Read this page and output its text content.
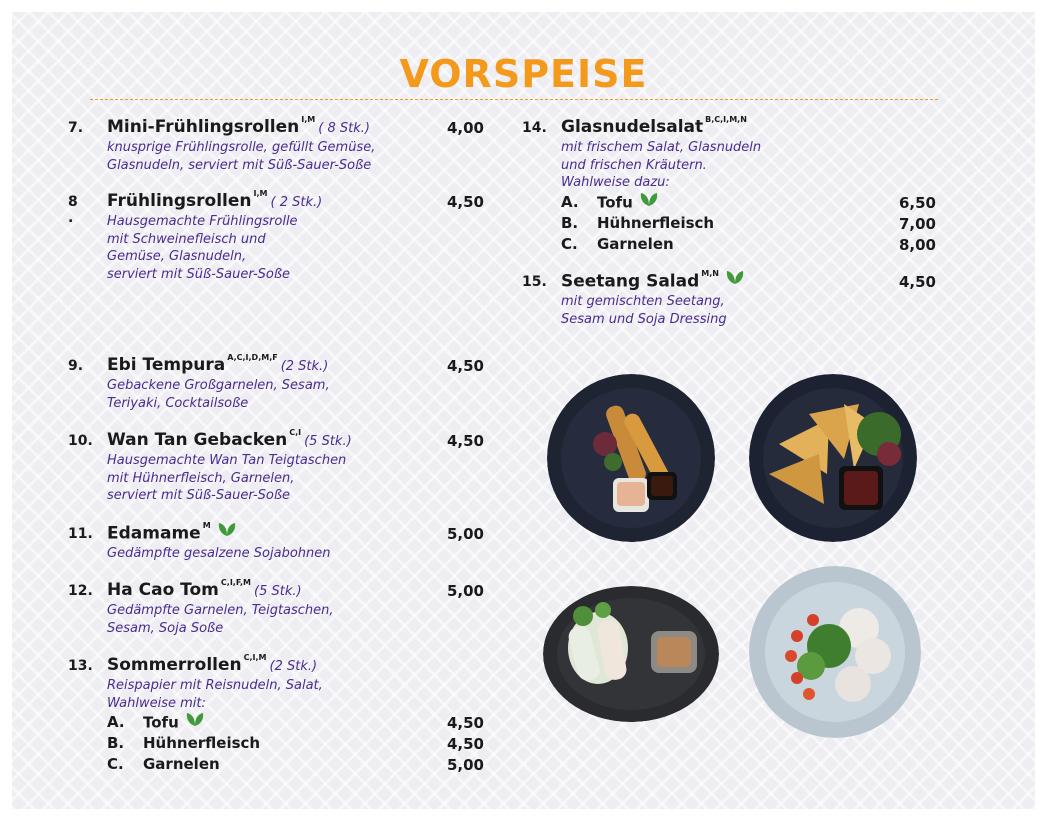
VORSPEISE
7. Mini-Frühlingsrollen $^{I,M}$( 8 Stk.)	4,00
knusprige Frühlingsrolle, gefüllt Gemüse,
Glasnudeln, serviert mit Süß-Sauer-Soße
8 .
Frühlingsrollen $^{I,M}$( 2 Stk.)	4,50
Hausgemachte Frühlingsrolle
mit Schweinefleisch und
Gemüse, Glasnudeln,
serviert mit Süß-Sauer-Soße
9. Ebi Tempura $^{A,C,I,D,M,F}$(2 Stk.)	4,50
Gebackene Großgarnelen, Sesam,
Teriyaki, Cocktailsoße
10. Wan Tan Gebacken $^{C,I}$(5 Stk.)	4,50
Hausgemachte Wan Tan Teigtaschen
mit Hühnerfleisch, Garnelen,
serviert mit Süß-Sauer-Soße
11. Edamame $^M$	5,00
Gedämpfte gesalzene Sojabohnen
12. Ha Cao Tom $^{C,I,F,M}$(5 Stk.)	5,00
Gedämpfte Garnelen, Teigtaschen,
Sesam, Soja Soße
13. Sommerrollen $^{C,I,M}$(2 Stk.)
Reispapier mit Reisnudeln, Salat,
Wahlweise mit:
A. Tofu	4,50
B. Hühnerfleisch	4,50
C. Garnelen	5,00
14. Glasnudelsalat $^{B,C,I,M,N}$
mit frischem Salat, Glasnudeln
und frischen Kräutern.
Wahlweise dazu:
A. Tofu	6,50
B. Hühnerfleisch	7,00
C. Garnelen	8,00
15. Seetang Salad $^{M,N}$	4,50
mit gemischten Seetang,
Sesam und Soja Dressing
